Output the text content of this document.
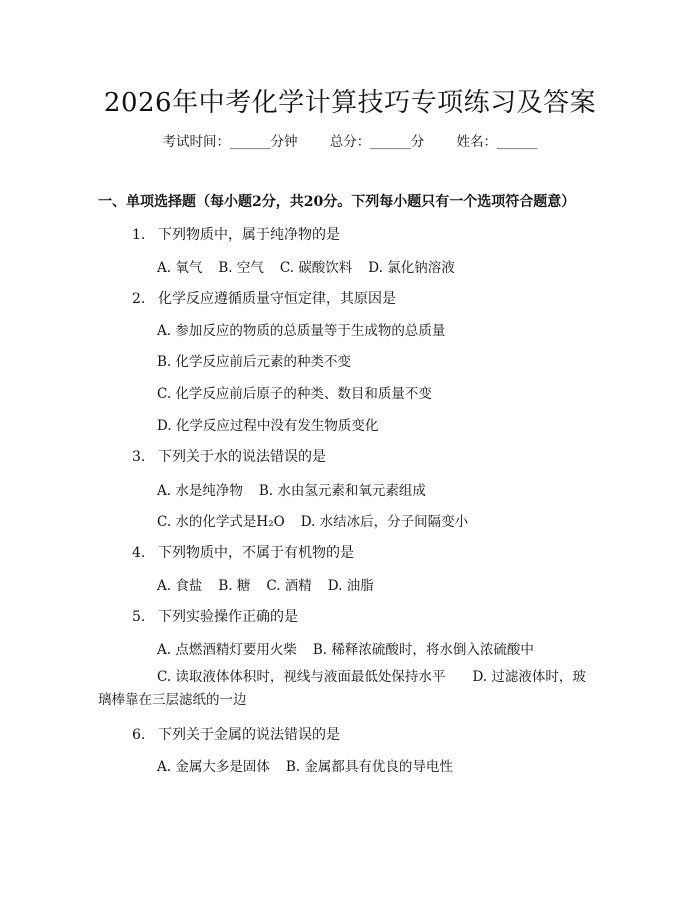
2026年中考化学计算技巧专项练习及答案
考试时间：______分钟 总分：______分 姓名：______
一、单项选择题（每小题2分，共20分。下列每小题只有一个选项符合题意）
1. 下列物质中，属于纯净物的是
A. 氧气 B. 空气 C. 碳酸饮料 D. 氯化钠溶液
2. 化学反应遵循质量守恒定律，其原因是
A. 参加反应的物质的总质量等于生成物的总质量
B. 化学反应前后元素的种类不变
C. 化学反应前后原子的种类、数目和质量不变
D. 化学反应过程中没有发生物质变化
3. 下列关于水的说法错误的是
A. 水是纯净物 B. 水由氢元素和氧元素组成
C. 水的化学式是H₂O D. 水结冰后，分子间隔变小
4. 下列物质中，不属于有机物的是
A. 食盐 B. 糖 C. 酒精 D. 油脂
5. 下列实验操作正确的是
A. 点燃酒精灯要用火柴 B. 稀释浓硫酸时，将水倒入浓硫酸中
C. 读取液体体积时，视线与液面最低处保持水平　　 D. 过滤液体时，玻璃棒靠在三层滤纸的一边
6. 下列关于金属的说法错误的是
A. 金属大多是固体 B. 金属都具有优良的导电性
